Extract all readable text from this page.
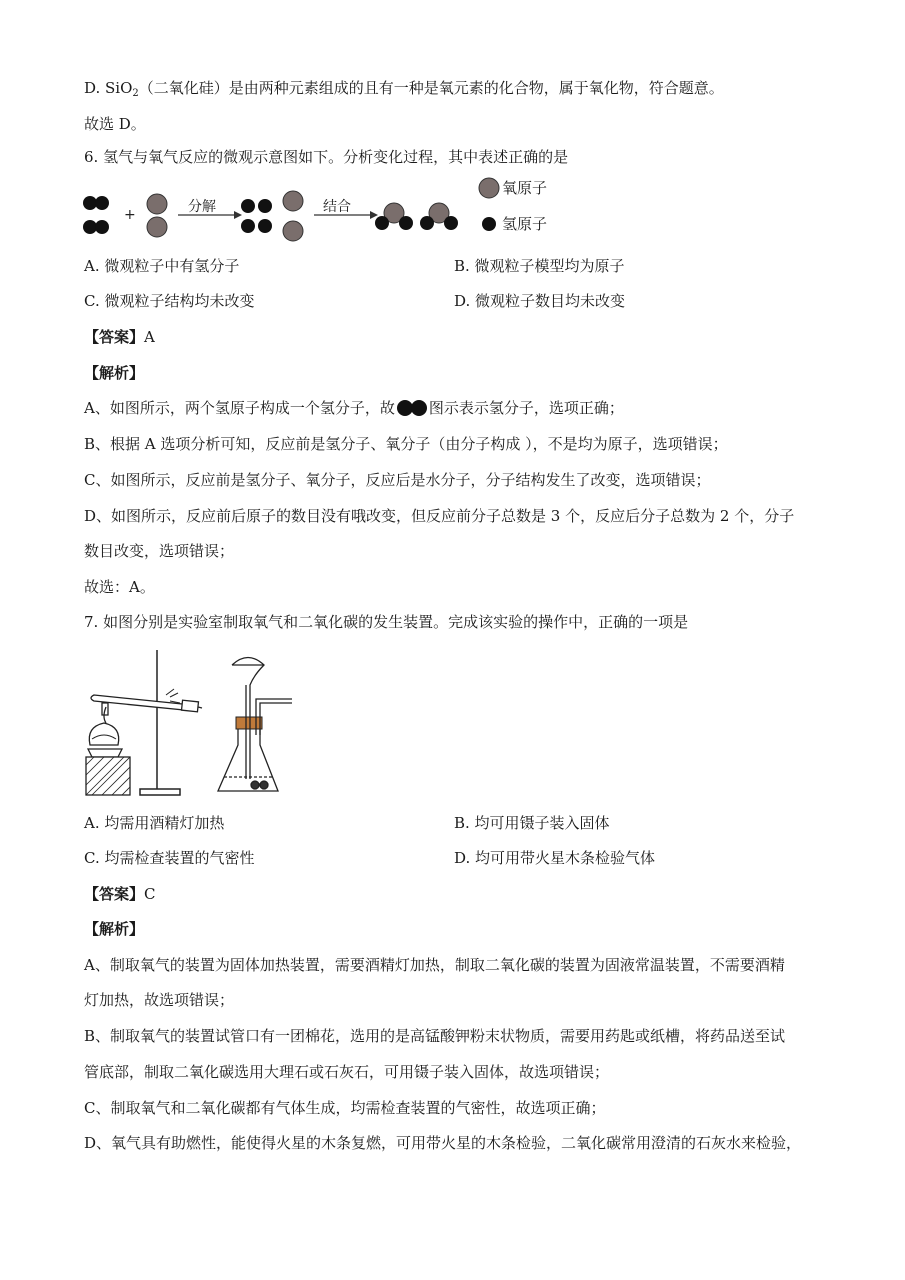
D. SiO$_2$（二氧化硅）是由两种元素组成的且有一种是氧元素的化合物，属于氧化物，符合题意。
故选 D。
6. 氢气与氧气反应的微观示意图如下。分析变化过程，其中表述正确的是
+	分解	结合
氧原子
氢原子
A. 微观粒子中有氢分子	B. 微观粒子模型均为原子
C. 微观粒子结构均未改变	D. 微观粒子数目均未改变
【答案】A
【解析】
A、如图所示，两个氢原子构成一个氢分子，故 图示表示氢分子，选项正确；
B、根据 A 选项分析可知，反应前是氢分子、氧分子（由分子构成 ），不是均为原子，选项错误；
C、如图所示，反应前是氢分子、氧分子，反应后是水分子，分子结构发生了改变，选项错误；
D、如图所示，反应前后原子的数目没有哦改变，但反应前分子总数是 3 个，反应后分子总数为 2 个，分子
数目改变，选项错误；
故选：A。
7. 如图分别是实验室制取氧气和二氧化碳的发生装置。完成该实验的操作中，正确的一项是
A. 均需用酒精灯加热	B. 均可用镊子装入固体
C. 均需检查装置的气密性	D. 均可用带火星木条检验气体
【答案】C
【解析】
A、制取氧气的装置为固体加热装置，需要酒精灯加热，制取二氧化碳的装置为固液常温装置，不需要酒精
灯加热，故选项错误；
B、制取氧气的装置试管口有一团棉花，选用的是高锰酸钾粉末状物质，需要用药匙或纸槽，将药品送至试
管底部，制取二氧化碳选用大理石或石灰石，可用镊子装入固体，故选项错误；
C、制取氧气和二氧化碳都有气体生成，均需检查装置的气密性，故选项正确；
D、氧气具有助燃性，能使得火星的木条复燃，可用带火星的木条检验，二氧化碳常用澄清的石灰水来检验，
